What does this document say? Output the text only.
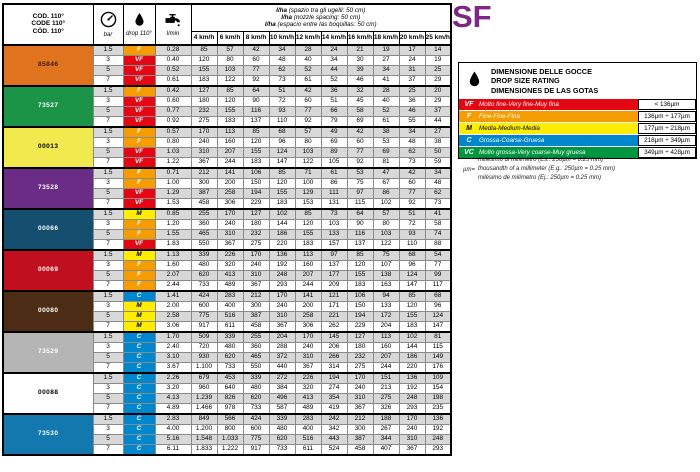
COD. 110°
CODE 110°
CÓD. 110°

bar	drop 110°	l/min

l/ha (spazio tra gli ugelli: 50 cm)
l/ha (nozzle spacing: 50 cm)
l/ha (espacio entre las boquillas: 50 cm)

				4 km/h	6 km/h	8 km/h	10 km/h	12 km/h	14 km/h	16 km/h	18 km/h	20 km/h	25 km/h
85846	1.5	F	0.28	85	57	42	34	28	24	21	19	17	14
	3	VF	0.40	120	80	60	48	40	34	30	27	24	19
	5	VF	0.52	155	103	77	62	52	44	39	34	31	25
	7	VF	0.61	183	122	92	73	61	52	46	41	37	29
73527	1.5	F	0.42	127	85	64	51	42	36	32	28	25	20
	3	VF	0.60	180	120	90	72	60	51	45	40	36	29
	5	VF	0.77	232	155	116	93	77	66	58	52	46	37
	7	VF	0.92	275	183	137	110	92	79	69	61	55	44
00013	1.5	F	0.57	170	113	85	68	57	49	42	38	34	27
	3	F	0.80	240	160	120	96	80	69	60	53	48	38
	5	VF	1.03	310	207	155	124	103	89	77	69	62	50
	7	VF	1.22	367	244	183	147	122	105	92	81	73	59
73528	1.5	F	0.71	212	141	106	85	71	61	53	47	42	34
	3	F	1.00	300	200	150	120	100	86	75	67	60	48
	5	VF	1.29	387	258	194	155	129	111	97	86	77	62
	7	VF	1.53	458	306	229	183	153	131	115	102	92	73
00066	1.5	M	0.85	255	170	127	102	85	73	64	57	51	41
	3	F	1.20	360	240	180	144	120	103	90	80	72	58
	5	F	1.55	465	310	232	186	155	133	116	103	93	74
	7	VF	1.83	550	367	275	220	183	157	137	122	110	88
00069	1.5	M	1.13	339	226	170	136	113	97	85	75	68	54
	3	F	1.60	480	320	240	192	160	137	120	107	96	77
	5	F	2.07	620	413	310	248	207	177	155	138	124	99
	7	F	2.44	733	489	367	293	244	209	183	163	147	117
00080	1.5	C	1.41	424	283	212	170	141	121	106	94	85	68
	3	M	2.00	600	400	300	240	200	171	150	133	120	96
	5	M	2.58	775	516	387	310	258	221	194	172	155	124
	7	M	3.06	917	611	458	367	306	262	229	204	183	147
73529	1.5	C	1.70	509	339	255	204	170	145	127	113	102	81
	3	C	2.40	720	480	360	288	240	206	180	160	144	115
	5	C	3.10	930	620	465	372	310	266	232	207	186	149
	7	C	3.67	1.100	733	550	440	367	314	275	244	220	176
00088	1.5	C	2.26	679	453	339	272	226	194	170	151	136	109
	3	C	3.20	960	640	480	384	320	274	240	213	192	154
	5	C	4.13	1.239	826	620	496	413	354	310	275	248	198
	7	C	4.89	1.466	978	733	587	489	419	367	326	293	235
73530	1.5	C	2.83	849	566	424	339	283	242	212	188	170	136
	3	C	4.00	1.200	800	600	480	400	342	300	267	240	192
	5	C	5.16	1.548	1.033	775	620	516	443	387	344	310	248
	7	C	6.11	1.833	1.222	917	733	611	524	458	407	367	293
SF
DIMENSIONE DELLE GOCCE
DROP SIZE RATING
DIMENSIONES DE LAS GOTAS
VF Molto fine-Very fine-Muy fina	< 136µm
F	Fine-Fine-Fina	136µm ÷ 177µm
M	Media-Medium-Media	177µm ÷ 218µm
C	Grossa-Coarse-Gruesa	218µm ÷ 349µm
VC Molto grossa-Very coarse-Muy gruesa	349µm ÷ 428µm
µm=
millesimo di millimetro (Es.: 250µm = 0.25 mm)
thousandth of a millimeter (E.g.: 250µm = 0.25 mm)
milésimo de milímetro (Ej.: 250µm = 0.25 mm)
